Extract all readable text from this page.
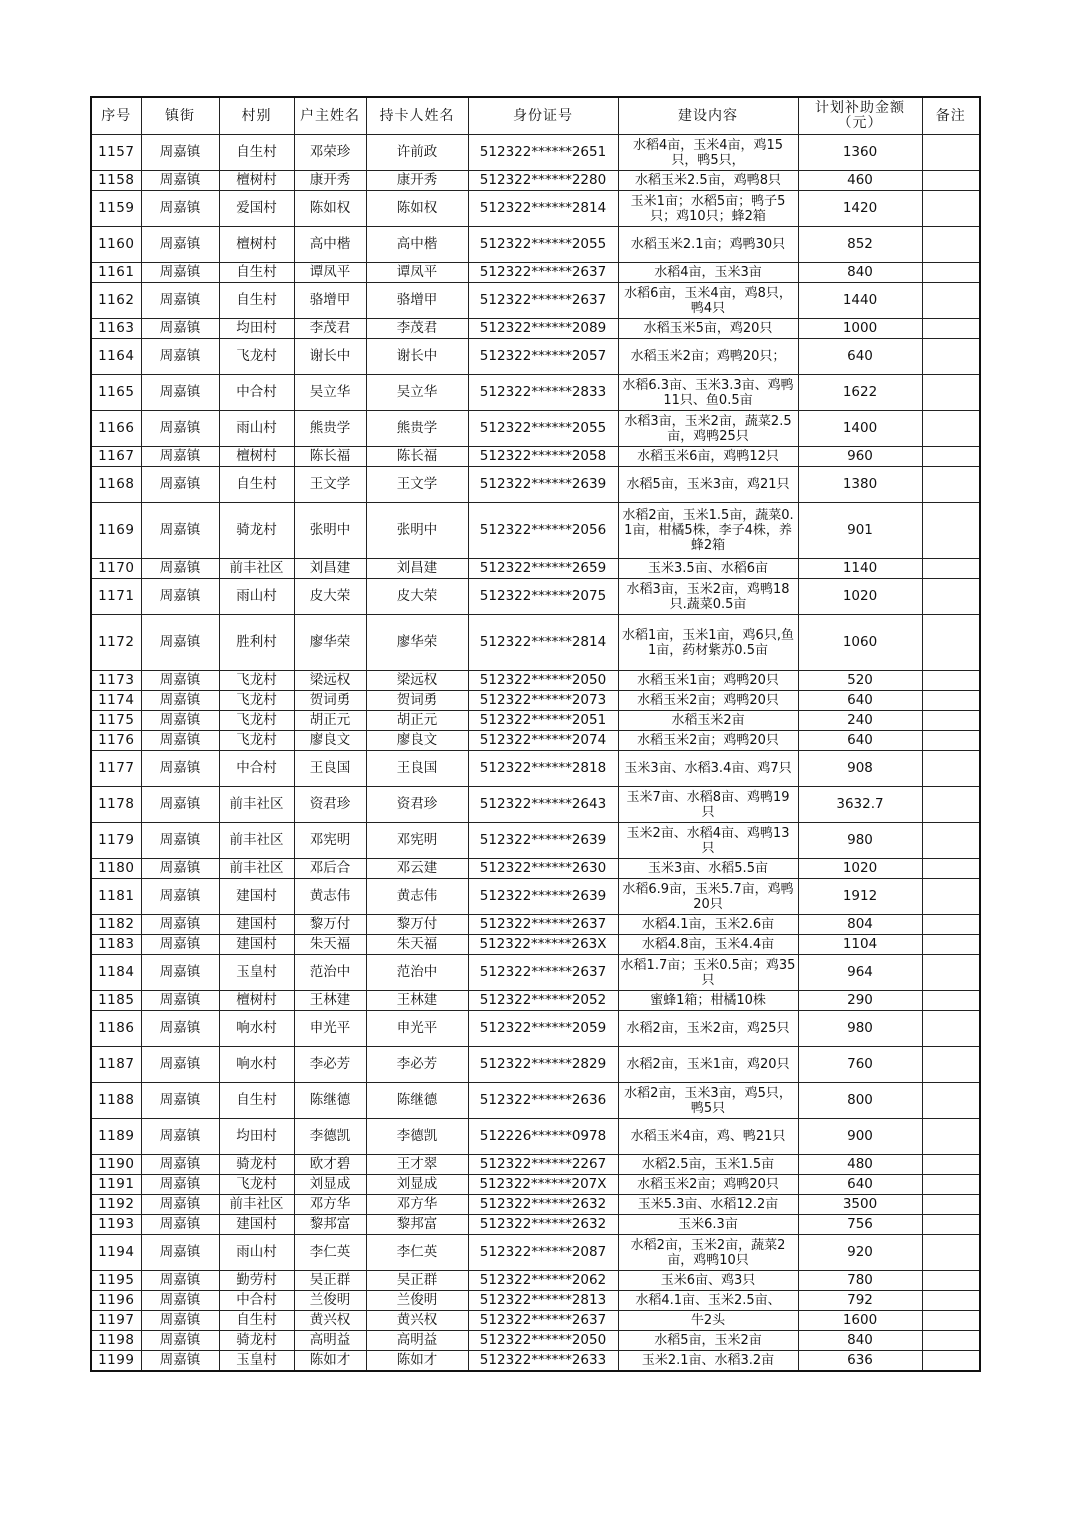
序号	镇街	村别	户主姓名	持卡人姓名	身份证号	建设内容	计划补助金额（元）	备注
1157	周嘉镇	自生村	邓荣珍	许前政	512322******2651	水稻4亩，玉米4亩，鸡15只，鸭5只，	1360	
1158	周嘉镇	檀树村	康开秀	康开秀	512322******2280	水稻玉米2.5亩，鸡鸭8只	460	
1159	周嘉镇	爱国村	陈如权	陈如权	512322******2814	玉米1亩；水稻5亩；鸭子5只；鸡10只；蜂2箱	1420	
1160	周嘉镇	檀树村	高中楷	高中楷	512322******2055	水稻玉米2.1亩；鸡鸭30只	852	
1161	周嘉镇	自生村	谭凤平	谭凤平	512322******2637	水稻4亩，玉米3亩	840	
1162	周嘉镇	自生村	骆增甲	骆增甲	512322******2637	水稻6亩，玉米4亩，鸡8只，鸭4只	1440	
1163	周嘉镇	均田村	李茂君	李茂君	512322******2089	水稻玉米5亩，鸡20只	1000	
1164	周嘉镇	飞龙村	谢长中	谢长中	512322******2057	水稻玉米2亩；鸡鸭20只；	640	
1165	周嘉镇	中合村	吴立华	吴立华	512322******2833	水稻6.3亩、玉米3.3亩、鸡鸭11只、鱼0.5亩	1622	
1166	周嘉镇	雨山村	熊贵学	熊贵学	512322******2055	水稻3亩，玉米2亩，蔬菜2.5亩，鸡鸭25只	1400	
1167	周嘉镇	檀树村	陈长福	陈长福	512322******2058	水稻玉米6亩，鸡鸭12只	960	
1168	周嘉镇	自生村	王文学	王文学	512322******2639	水稻5亩，玉米3亩，鸡21只	1380	
1169	周嘉镇	骑龙村	张明中	张明中	512322******2056	水稻2亩，玉米1.5亩，蔬菜0.1亩，柑橘5株，李子4株，养蜂2箱	901	
1170	周嘉镇	前丰社区	刘昌建	刘昌建	512322******2659	玉米3.5亩、水稻6亩	1140	
1171	周嘉镇	雨山村	皮大荣	皮大荣	512322******2075	水稻3亩，玉米2亩，鸡鸭18只.蔬菜0.5亩	1020	
1172	周嘉镇	胜利村	廖华荣	廖华荣	512322******2814	水稻1亩，玉米1亩，鸡6只,鱼1亩，药材紫苏0.5亩	1060	
1173	周嘉镇	飞龙村	梁远权	梁远权	512322******2050	水稻玉米1亩；鸡鸭20只	520	
1174	周嘉镇	飞龙村	贺词勇	贺词勇	512322******2073	水稻玉米2亩；鸡鸭20只	640	
1175	周嘉镇	飞龙村	胡正元	胡正元	512322******2051	水稻玉米2亩	240	
1176	周嘉镇	飞龙村	廖良文	廖良文	512322******2074	水稻玉米2亩；鸡鸭20只	640	
1177	周嘉镇	中合村	王良国	王良国	512322******2818	玉米3亩、水稻3.4亩、鸡7只	908	
1178	周嘉镇	前丰社区	资君珍	资君珍	512322******2643	玉米7亩、水稻8亩、鸡鸭19只	3632.7	
1179	周嘉镇	前丰社区	邓宪明	邓宪明	512322******2639	玉米2亩、水稻4亩、鸡鸭13只	980	
1180	周嘉镇	前丰社区	邓后合	邓云建	512322******2630	玉米3亩、水稻5.5亩	1020	
1181	周嘉镇	建国村	黄志伟	黄志伟	512322******2639	水稻6.9亩，玉米5.7亩，鸡鸭20只	1912	
1182	周嘉镇	建国村	黎万付	黎万付	512322******2637	水稻4.1亩，玉米2.6亩	804	
1183	周嘉镇	建国村	朱天福	朱天福	512322******263X	水稻4.8亩，玉米4.4亩	1104	
1184	周嘉镇	玉皇村	范治中	范治中	512322******2637	水稻1.7亩；玉米0.5亩；鸡35只	964	
1185	周嘉镇	檀树村	王林建	王林建	512322******2052	蜜蜂1箱；柑橘10株	290	
1186	周嘉镇	响水村	申光平	申光平	512322******2059	水稻2亩，玉米2亩，鸡25只	980	
1187	周嘉镇	响水村	李必芳	李必芳	512322******2829	水稻2亩，玉米1亩，鸡20只	760	
1188	周嘉镇	自生村	陈继德	陈继德	512322******2636	水稻2亩，玉米3亩，鸡5只，鸭5只	800	
1189	周嘉镇	均田村	李德凯	李德凯	512226******0978	水稻玉米4亩，鸡、鸭21只	900	
1190	周嘉镇	骑龙村	欧才碧	王才翠	512322******2267	水稻2.5亩，玉米1.5亩	480	
1191	周嘉镇	飞龙村	刘显成	刘显成	512322******207X	水稻玉米2亩；鸡鸭20只	640	
1192	周嘉镇	前丰社区	邓方华	邓方华	512322******2632	玉米5.3亩、水稻12.2亩	3500	
1193	周嘉镇	建国村	黎邦富	黎邦富	512322******2632	玉米6.3亩	756	
1194	周嘉镇	雨山村	李仁英	李仁英	512322******2087	水稻2亩，玉米2亩，蔬菜2亩，鸡鸭10只	920	
1195	周嘉镇	勤劳村	吴正群	吴正群	512322******2062	玉米6亩、鸡3只	780	
1196	周嘉镇	中合村	兰俊明	兰俊明	512322******2813	水稻4.1亩、玉米2.5亩、	792	
1197	周嘉镇	自生村	黄兴权	黄兴权	512322******2637	牛2头	1600	
1198	周嘉镇	骑龙村	高明益	高明益	512322******2050	水稻5亩，玉米2亩	840	
1199	周嘉镇	玉皇村	陈如才	陈如才	512322******2633	玉米2.1亩、水稻3.2亩	636	
